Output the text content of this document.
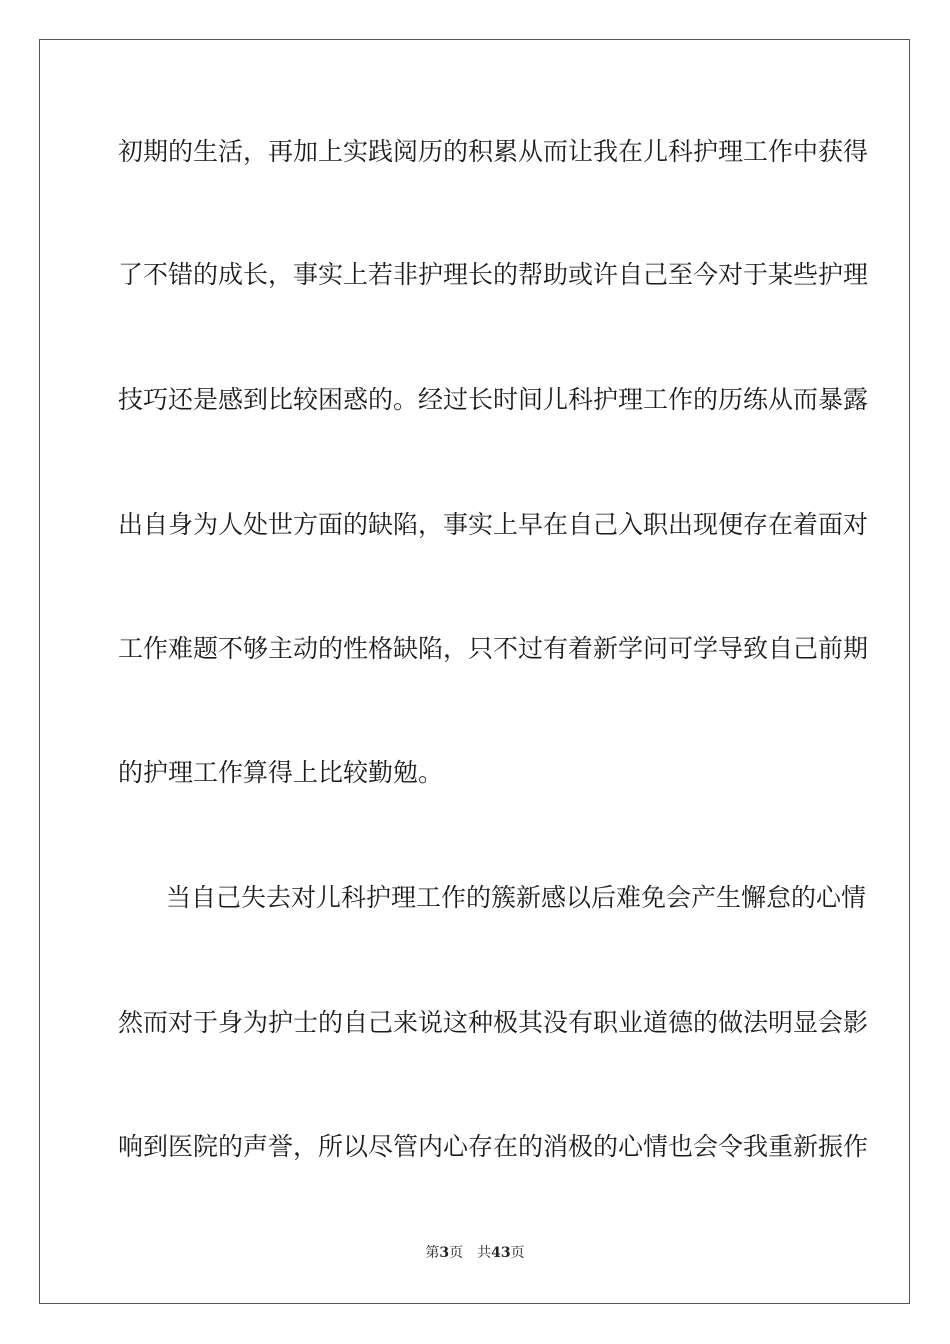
初期的生活，再加上实践阅历的积累从而让我在儿科护理工作中获得
了不错的成长，事实上若非护理长的帮助或许自己至今对于某些护理
技巧还是感到比较困惑的。经过长时间儿科护理工作的历练从而暴露
出自身为人处世方面的缺陷，事实上早在自己入职出现便存在着面对
工作难题不够主动的性格缺陷，只不过有着新学问可学导致自己前期
的护理工作算得上比较勤勉。
当自己失去对儿科护理工作的簇新感以后难免会产生懈怠的心情
然而对于身为护士的自己来说这种极其没有职业道德的做法明显会影
响到医院的声誉，所以尽管内心存在的消极的心情也会令我重新振作
第3页 共43页
